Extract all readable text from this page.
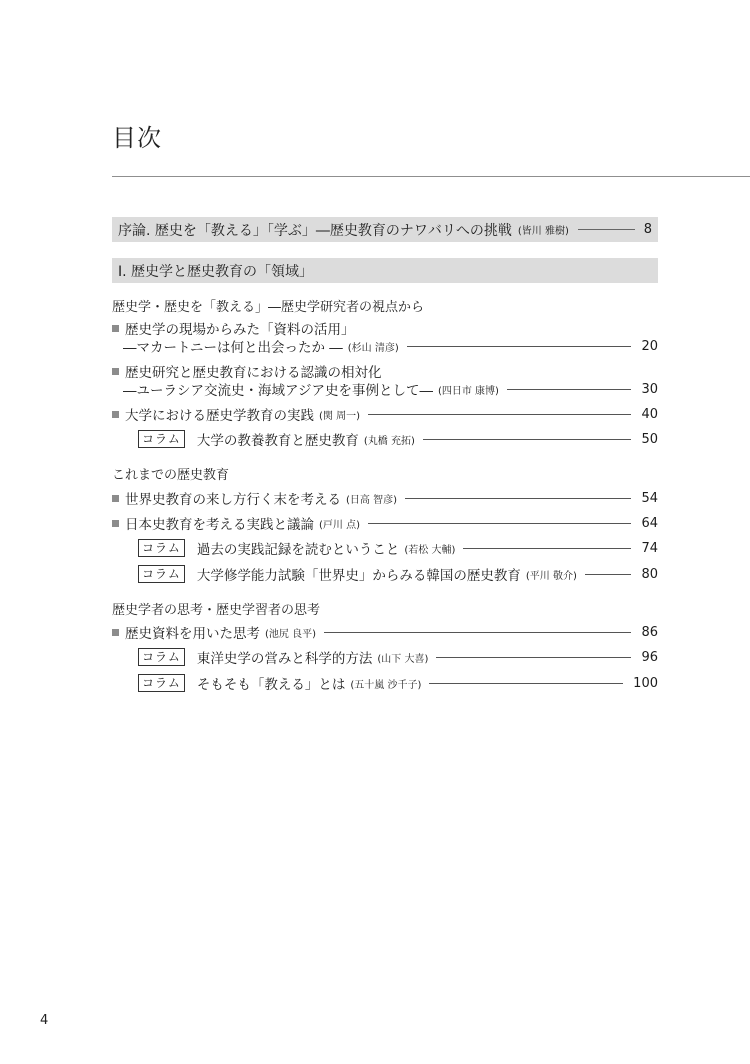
目次
序論. 歴史を「教える」「学ぶ」―歴史教育のナワバリへの挑戦 (皆川 雅樹)	8
Ⅰ. 歴史学と歴史教育の「領域」
歴史学・歴史を「教える」―歴史学研究者の視点から
歴史学の現場からみた「資料の活用」
―マカートニーは何と出会ったか ― (杉山 清彦)	20
歴史研究と歴史教育における認識の相対化
―ユーラシア交流史・海域アジア史を事例として― (四日市 康博)	30
大学における歴史学教育の実践 (関 周一)	40
コラム 大学の教養教育と歴史教育 (丸橋 充拓)	50
これまでの歴史教育
世界史教育の来し方行く末を考える (日高 智彦)	54
日本史教育を考える実践と議論 (戸川 点)	64
コラム 過去の実践記録を読むということ (若松 大輔)	74
コラム 大学修学能力試験「世界史」からみる韓国の歴史教育 (平川 敬介)	80
歴史学者の思考・歴史学習者の思考
歴史資料を用いた思考 (池尻 良平)	86
コラム 東洋史学の営みと科学的方法 (山下 大喜)	96
コラム そもそも「教える」とは (五十嵐 沙千子)	100
4
